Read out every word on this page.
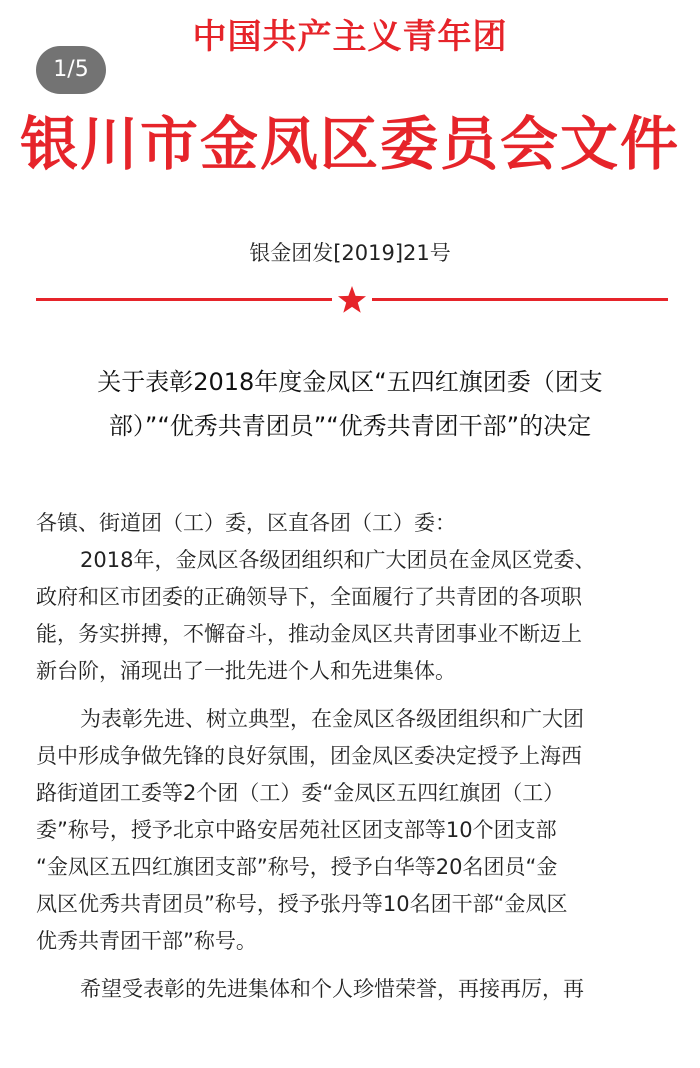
中国共产主义青年团
1/5
银川市金凤区委员会文件
银金团发[2019]21号
关于表彰2018年度金凤区“五四红旗团委（团支
部）”“优秀共青团员”“优秀共青团干部”的决定
各镇、街道团（工）委，区直各团（工）委：
2018年，金凤区各级团组织和广大团员在金凤区党委、
政府和区市团委的正确领导下，全面履行了共青团的各项职
能，务实拼搏，不懈奋斗，推动金凤区共青团事业不断迈上
新台阶，涌现出了一批先进个人和先进集体。
为表彰先进、树立典型，在金凤区各级团组织和广大团
员中形成争做先锋的良好氛围，团金凤区委决定授予上海西
路街道团工委等2个团（工）委“金凤区五四红旗团（工）
委”称号，授予北京中路安居苑社区团支部等10个团支部
“金凤区五四红旗团支部”称号，授予白华等20名团员“金
凤区优秀共青团员”称号，授予张丹等10名团干部“金凤区
优秀共青团干部”称号。
希望受表彰的先进集体和个人珍惜荣誉，再接再厉，再
